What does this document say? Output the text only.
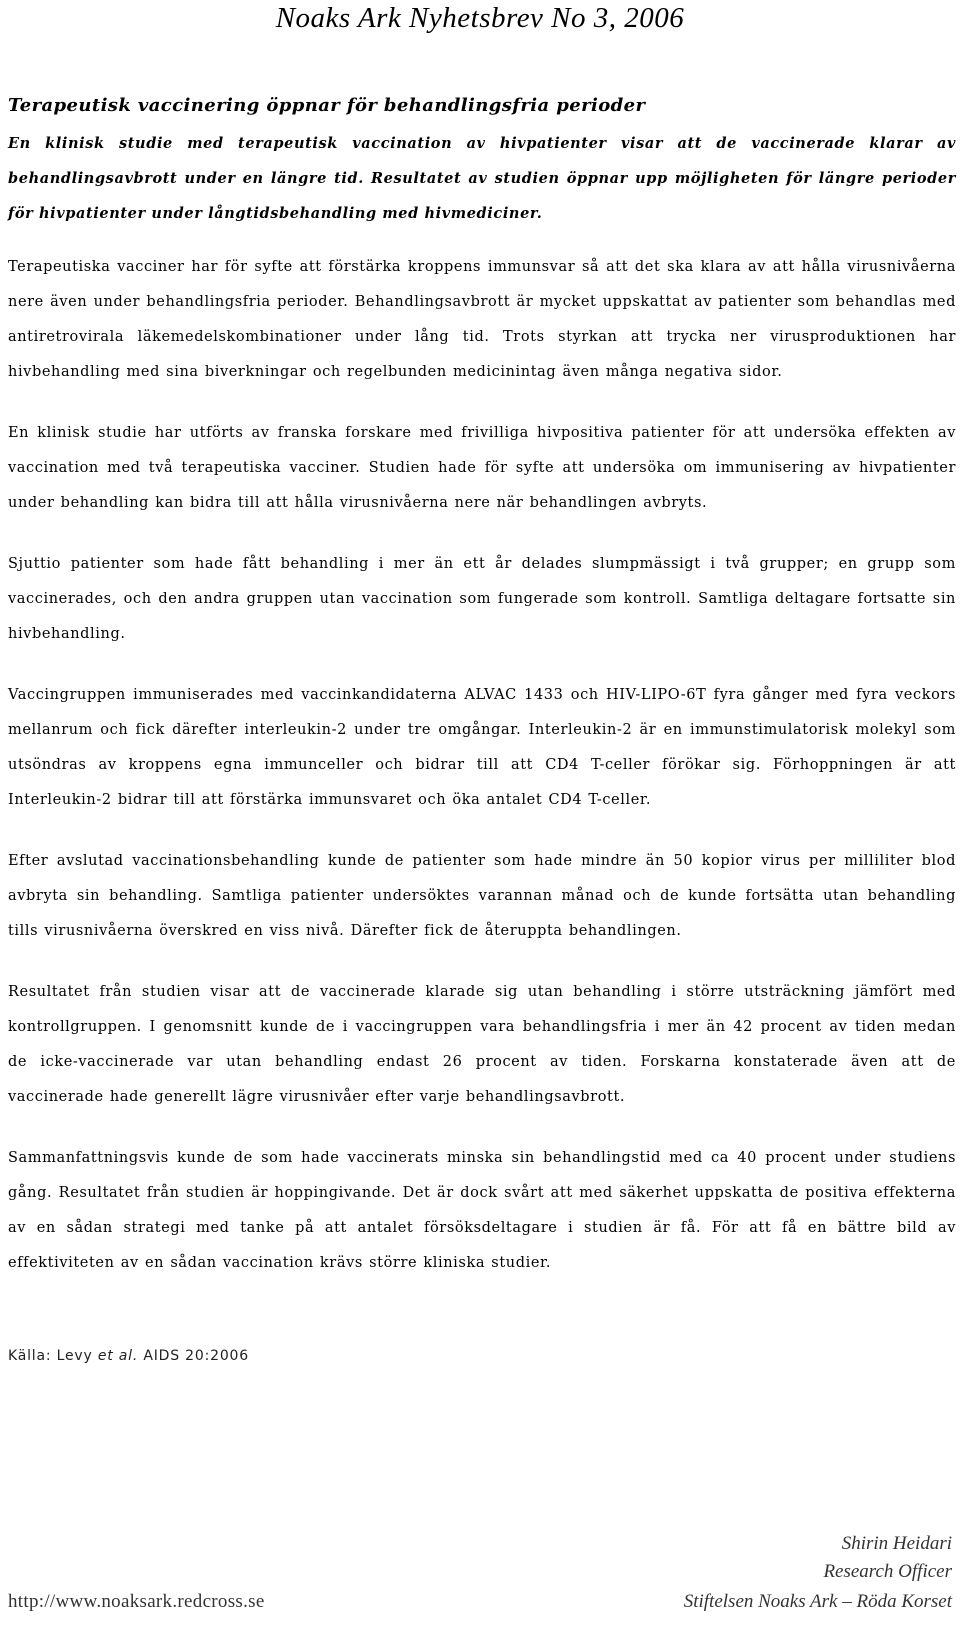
Noaks Ark Nyhetsbrev No 3, 2006
Terapeutisk vaccinering öppnar för behandlingsfria perioder

En klinisk studie med terapeutisk vaccination av hivpatienter visar att de vaccinerade klarar av behandlingsavbrott under en längre tid. Resultatet av studien öppnar upp möjligheten för längre perioder för hivpatienter under långtidsbehandling med hivmediciner.

Terapeutiska vacciner har för syfte att förstärka kroppens immunsvar så att det ska klara av att hålla virusnivåerna nere även under behandlingsfria perioder. Behandlingsavbrott är mycket uppskattat av patienter som behandlas med antiretrovirala läkemedelskombinationer under lång tid. Trots styrkan att trycka ner virusproduktionen har hivbehandling med sina biverkningar och regelbunden medicinintag även många negativa sidor.

En klinisk studie har utförts av franska forskare med frivilliga hivpositiva patienter för att undersöka effekten av vaccination med två terapeutiska vacciner. Studien hade för syfte att undersöka om immunisering av hivpatienter under behandling kan bidra till att hålla virusnivåerna nere när behandlingen avbryts.

Sjuttio patienter som hade fått behandling i mer än ett år delades slumpmässigt i två grupper; en grupp som vaccinerades, och den andra gruppen utan vaccination som fungerade som kontroll. Samtliga deltagare fortsatte sin hivbehandling.

Vaccingruppen immuniserades med vaccinkandidaterna ALVAC 1433 och HIV-LIPO-6T fyra gånger med fyra veckors mellanrum och fick därefter interleukin-2 under tre omgångar. Interleukin-2 är en immunstimulatorisk molekyl som utsöndras av kroppens egna immunceller och bidrar till att CD4 T-celler förökar sig. Förhoppningen är att Interleukin-2 bidrar till att förstärka immunsvaret och öka antalet CD4 T-celler.

Efter avslutad vaccinationsbehandling kunde de patienter som hade mindre än 50 kopior virus per milliliter blod avbryta sin behandling. Samtliga patienter undersöktes varannan månad och de kunde fortsätta utan behandling tills virusnivåerna överskred en viss nivå. Därefter fick de återuppta behandlingen.

Resultatet från studien visar att de vaccinerade klarade sig utan behandling i större utsträckning jämfört med kontrollgruppen. I genomsnitt kunde de i vaccingruppen vara behandlingsfria i mer än 42 procent av tiden medan de icke-vaccinerade var utan behandling endast 26 procent av tiden. Forskarna konstaterade även att de vaccinerade hade generellt lägre virusnivåer efter varje behandlingsavbrott.

Sammanfattningsvis kunde de som hade vaccinerats minska sin behandlingstid med ca 40 procent under studiens gång. Resultatet från studien är hoppingivande. Det är dock svårt att med säkerhet uppskatta de positiva effekterna av en sådan strategi med tanke på att antalet försöksdeltagare i studien är få. För att få en bättre bild av effektiviteten av en sådan vaccination krävs större kliniska studier.

Källa: Levy et al. AIDS 20:2006

Shirin Heidari

Research Officer

http://www.noaksark.redcross.se	Stiftelsen Noaks Ark – Röda Korset
